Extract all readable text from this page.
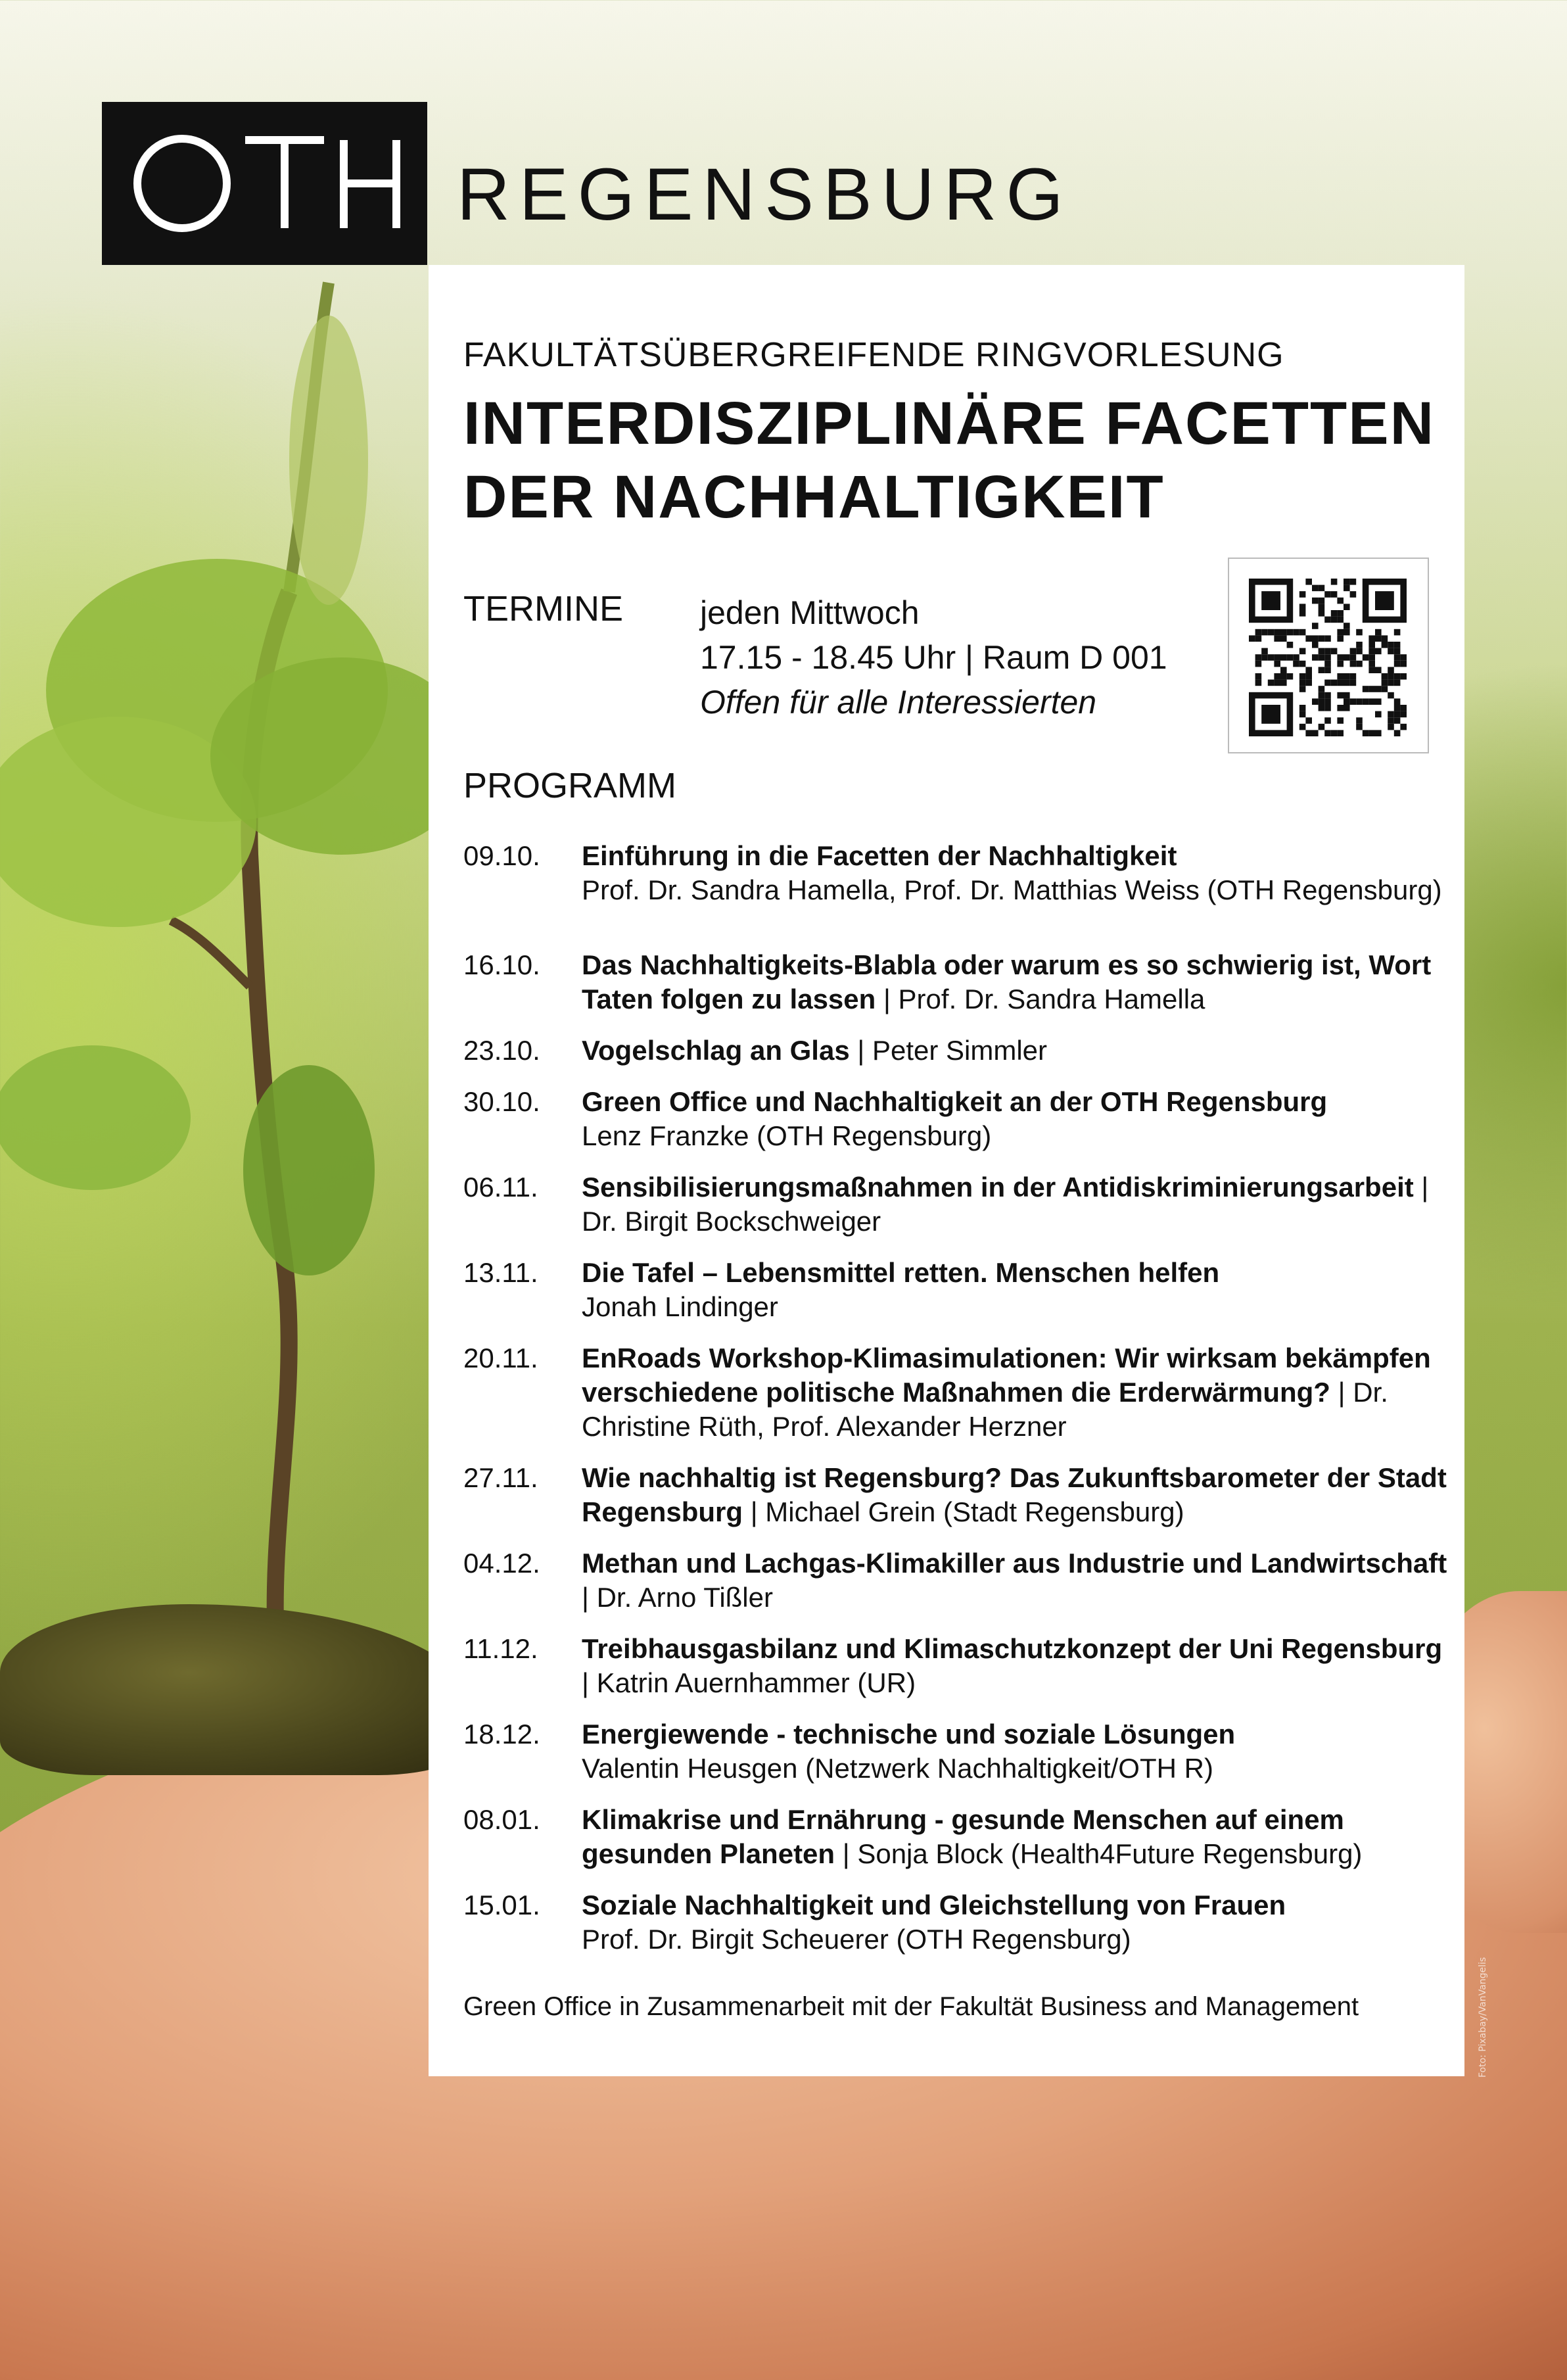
REGENSBURG
FAKULTÄTSÜBERGREIFENDE RINGVORLESUNG
INTERDISZIPLINÄRE FACETTEN
DER NACHHALTIGKEIT
TERMINE jeden Mittwoch
17.15 - 18.45 Uhr | Raum D 001
Offen für alle Interessierten
PROGRAMM
09.10. Einführung in die Facetten der Nachhaltigkeit
Prof. Dr. Sandra Hamella, Prof. Dr. Matthias Weiss (OTH Regensburg)
16.10. Das Nachhaltigkeits-Blabla oder warum es so schwierig ist, Wort Taten folgen zu lassen | Prof. Dr. Sandra Hamella
23.10. Vogelschlag an Glas | Peter Simmler
30.10. Green Office und Nachhaltigkeit an der OTH Regensburg
Lenz Franzke (OTH Regensburg)
06.11. Sensibilisierungsmaßnahmen in der Antidiskriminierungsarbeit | Dr. Birgit Bockschweiger
13.11. Die Tafel – Lebensmittel retten. Menschen helfen
Jonah Lindinger
20.11. EnRoads Workshop-Klimasimulationen: Wir wirksam bekämpfen verschiedene politische Maßnahmen die Erderwärmung? | Dr. Christine Rüth, Prof. Alexander Herzner
27.11. Wie nachhaltig ist Regensburg? Das Zukunftsbarometer der Stadt Regensburg | Michael Grein (Stadt Regensburg)
04.12. Methan und Lachgas-Klimakiller aus Industrie und Landwirtschaft | Dr. Arno Tißler
11.12. Treibhausgasbilanz und Klimaschutzkonzept der Uni Regensburg | Katrin Auernhammer (UR)
18.12. Energiewende - technische und soziale Lösungen
Valentin Heusgen (Netzwerk Nachhaltigkeit/OTH R)
08.01. Klimakrise und Ernährung - gesunde Menschen auf einem gesunden Planeten | Sonja Block (Health4Future Regensburg)
15.01. Soziale Nachhaltigkeit und Gleichstellung von Frauen
Prof. Dr. Birgit Scheuerer (OTH Regensburg)
Green Office in Zusammenarbeit mit der Fakultät Business and Management	Foto: Pixabay/VanVangelis
